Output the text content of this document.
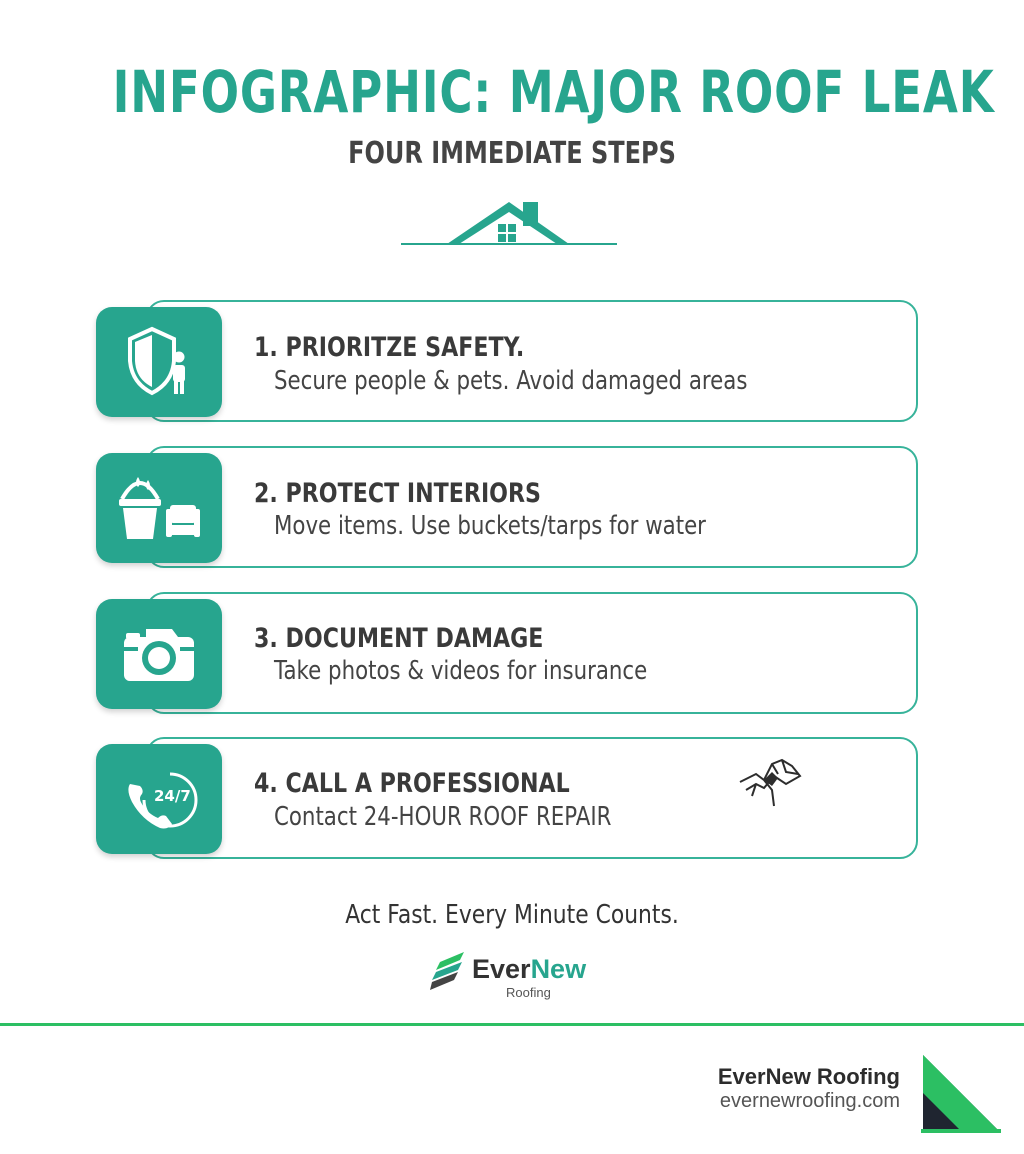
INFOGRAPHIC: MAJOR ROOF LEAK
FOUR IMMEDIATE STEPS
1. PRIORITZE SAFETY.
Secure people & pets. Avoid damaged areas
2. PROTECT INTERIORS
Move items. Use buckets/tarps for water
3. DOCUMENT DAMAGE
Take photos & videos for insurance
24/7 4. CALL A PROFESSIONAL
Contact 24-HOUR ROOF REPAIR
Act Fast. Every Minute Counts.
EverNew
Roofing
EverNew Roofing
evernewroofing.com
